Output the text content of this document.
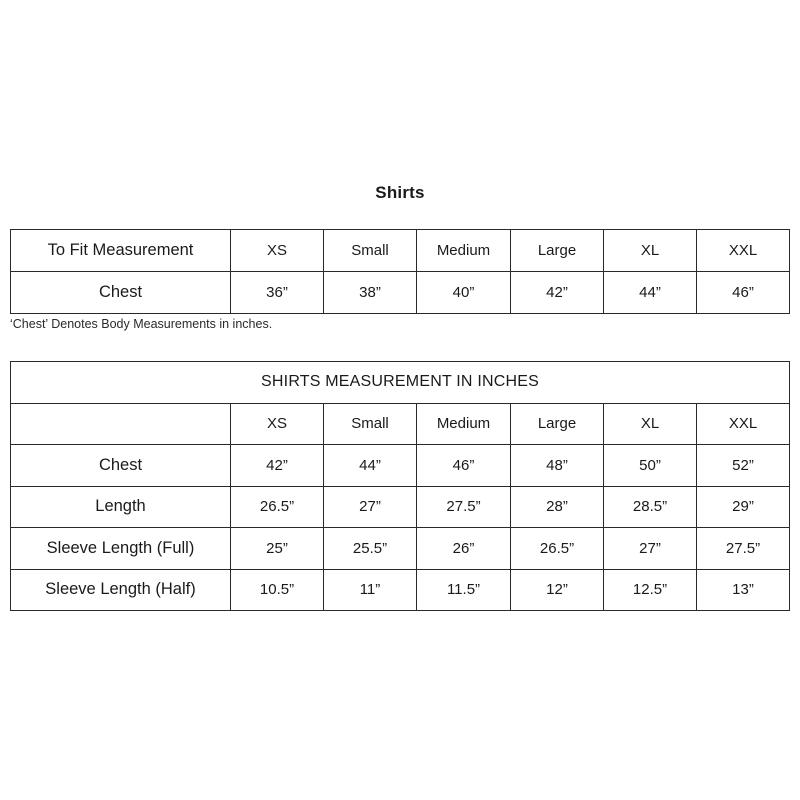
Shirts
To Fit Measurement	XS	Small	Medium	Large	XL	XXL
Chest	36”	38”	40”	42”	44”	46”
‘Chest’ Denotes Body Measurements in inches.
SHIRTS MEASUREMENT IN INCHES						
	XS	Small	Medium	Large	XL	XXL
Chest	42”	44”	46”	48”	50”	52”
Length	26.5”	27”	27.5”	28”	28.5”	29”
Sleeve Length (Full)	25”	25.5”	26”	26.5”	27”	27.5”
Sleeve Length (Half)	10.5”	11”	11.5”	12”	12.5”	13”
